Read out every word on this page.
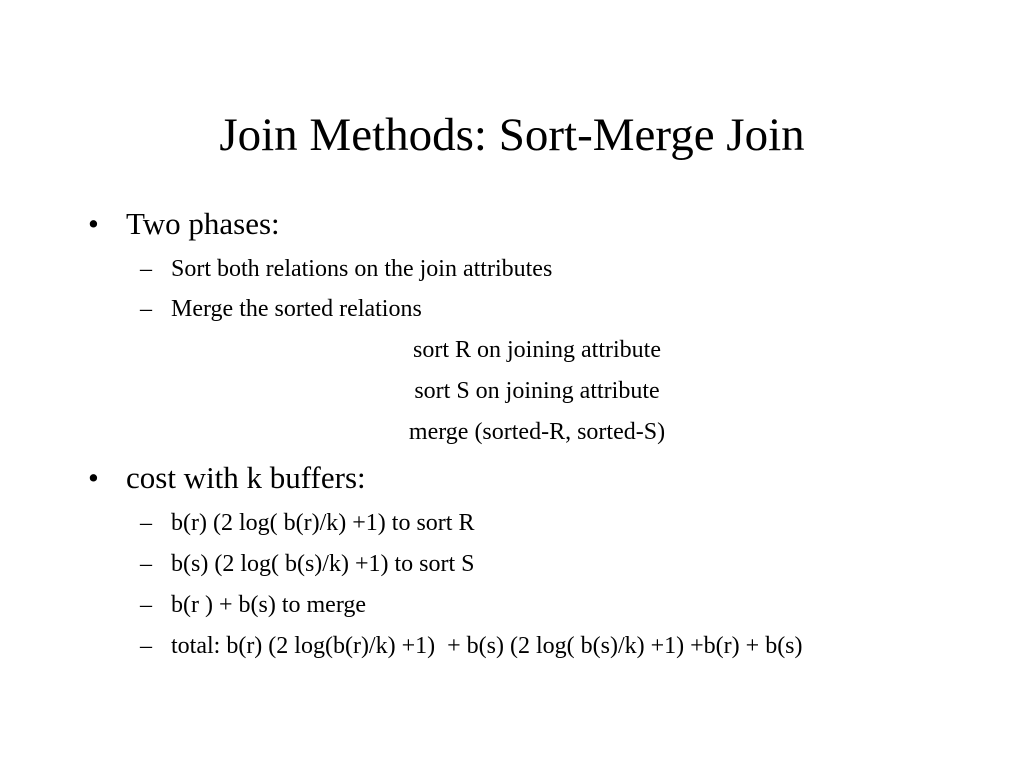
Join Methods: Sort-Merge Join
• Two phases:
– Sort both relations on the join attributes
– Merge the sorted relations
sort R on joining attribute
sort S on joining attribute
merge (sorted-R, sorted-S)
• cost with k buffers:
– b(r) (2 log( b(r)/k) +1) to sort R
– b(s) (2 log( b(s)/k) +1) to sort S
– b(r ) + b(s) to merge
– total: b(r) (2 log(b(r)/k) +1)  + b(s) (2 log( b(s)/k) +1) +b(r) + b(s)
